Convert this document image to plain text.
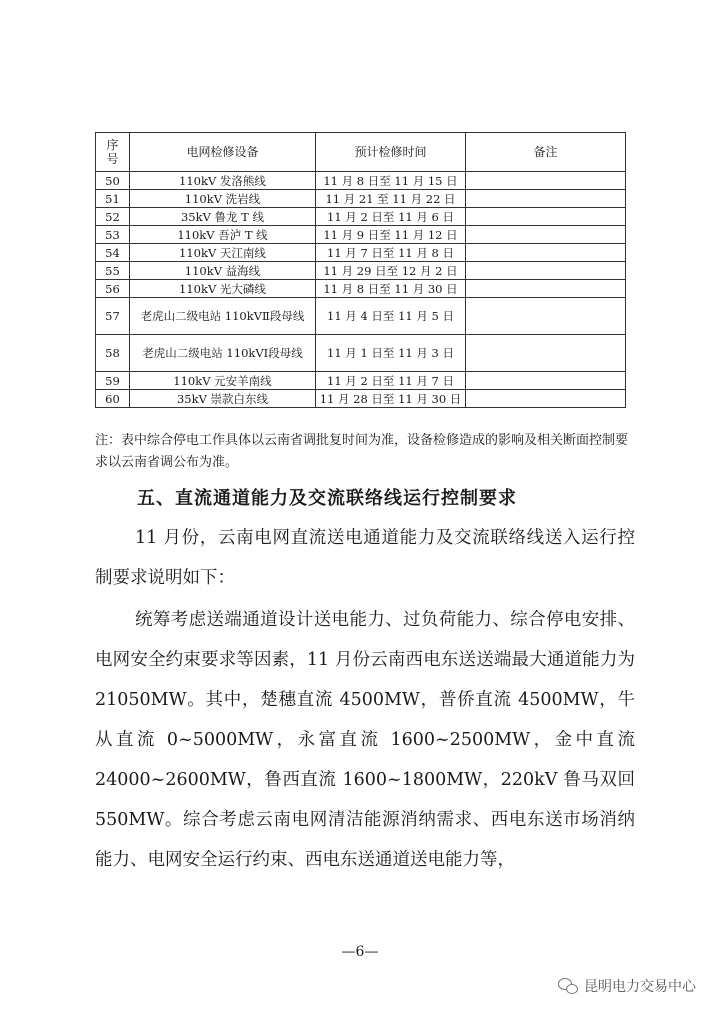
序
号	电网检修设备	预计检修时间	备注
50	110kV 发洛熊线	11 月 8 日至 11 月 15 日	
51	110kV 洗岩线	11 月 21 至 11 月 22 日	
52	35kV 鲁龙 T 线	11 月 2 日至 11 月 6 日	
53	110kV 吾泸 T 线	11 月 9 日至 11 月 12 日	
54	110kV 天江南线	11 月 7 日至 11 月 8 日	
55	110kV 益海线	11 月 29 日至 12 月 2 日	
56	110kV 光大磷线	11 月 8 日至 11 月 30 日	
57	老虎山二级电站 110kVⅡ段母线	11 月 4 日至 11 月 5 日	
58	老虎山二级电站 110kVⅠ段母线	11 月 1 日至 11 月 3 日	
59	110kV 元安羊南线	11 月 2 日至 11 月 7 日	
60	35kV 崇款白东线	11 月 28 日至 11 月 30 日	
注：表中综合停电工作具体以云南省调批复时间为准，设备检修造成的影响及相关断面控制要求以云南省调公布为准。
五、直流通道能力及交流联络线运行控制要求
11 月份，云南电网直流送电通道能力及交流联络线送入运行控制要求说明如下：
统筹考虑送端通道设计送电能力、过负荷能力、综合停电安排、电网安全约束要求等因素，11 月份云南西电东送送端最大通道能力为 21050MW。其中，楚穗直流 4500MW，普侨直流 4500MW，牛从直流 0~5000MW，永富直流 1600~2500MW，金中直流 24000~2600MW，鲁西直流 1600~1800MW，220kV 鲁马双回 550MW。综合考虑云南电网清洁能源消纳需求、西电东送市场消纳能力、电网安全运行约束、西电东送通道送电能力等，
—6—
昆明电力交易中心
